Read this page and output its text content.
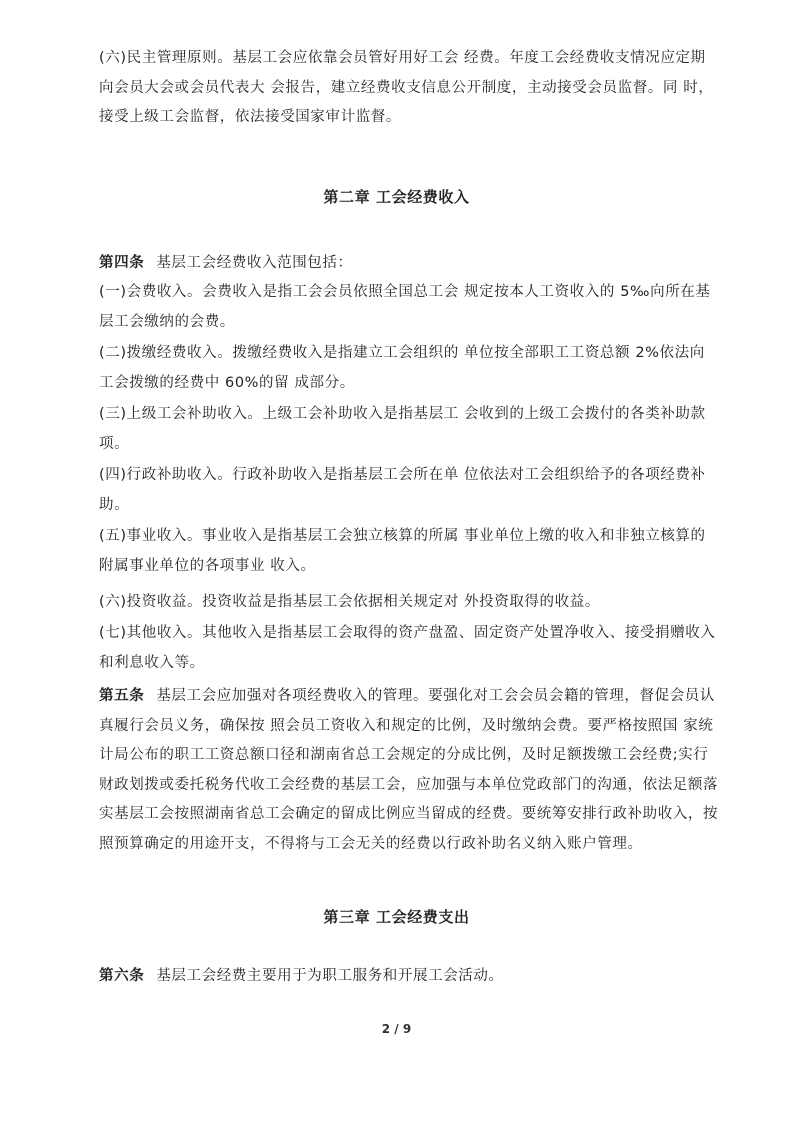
(六)民主管理原则。基层工会应依靠会员管好用好工会 经费。年度工会经费收支情况应定期向会员大会或会员代表大 会报告，建立经费收支信息公开制度，主动接受会员监督。同 时，接受上级工会监督，依法接受国家审计监督。

第二章 工会经费收入

第四条 基层工会经费收入范围包括：

(一)会费收入。会费收入是指工会会员依照全国总工会 规定按本人工资收入的 5‰向所在基层工会缴纳的会费。

(二)拨缴经费收入。拨缴经费收入是指建立工会组织的 单位按全部职工工资总额 2%依法向工会拨缴的经费中 60%的留 成部分。

(三)上级工会补助收入。上级工会补助收入是指基层工 会收到的上级工会拨付的各类补助款项。

(四)行政补助收入。行政补助收入是指基层工会所在单 位依法对工会组织给予的各项经费补助。

(五)事业收入。事业收入是指基层工会独立核算的所属 事业单位上缴的收入和非独立核算的附属事业单位的各项事业 收入。

(六)投资收益。投资收益是指基层工会依据相关规定对 外投资取得的收益。

(七)其他收入。其他收入是指基层工会取得的资产盘盈、固定资产处置净收入、接受捐赠收入和利息收入等。

第五条 基层工会应加强对各项经费收入的管理。要强化对工会会员会籍的管理，督促会员认真履行会员义务，确保按 照会员工资收入和规定的比例，及时缴纳会费。要严格按照国 家统计局公布的职工工资总额口径和湖南省总工会规定的分成比例，及时足额拨缴工会经费;实行财政划拨或委托税务代收工会经费的基层工会，应加强与本单位党政部门的沟通，依法足额落实基层工会按照湖南省总工会确定的留成比例应当留成的经费。要统筹安排行政补助收入，按照预算确定的用途开支，不得将与工会无关的经费以行政补助名义纳入账户管理。

第三章 工会经费支出

第六条 基层工会经费主要用于为职工服务和开展工会活动。

2 / 9
